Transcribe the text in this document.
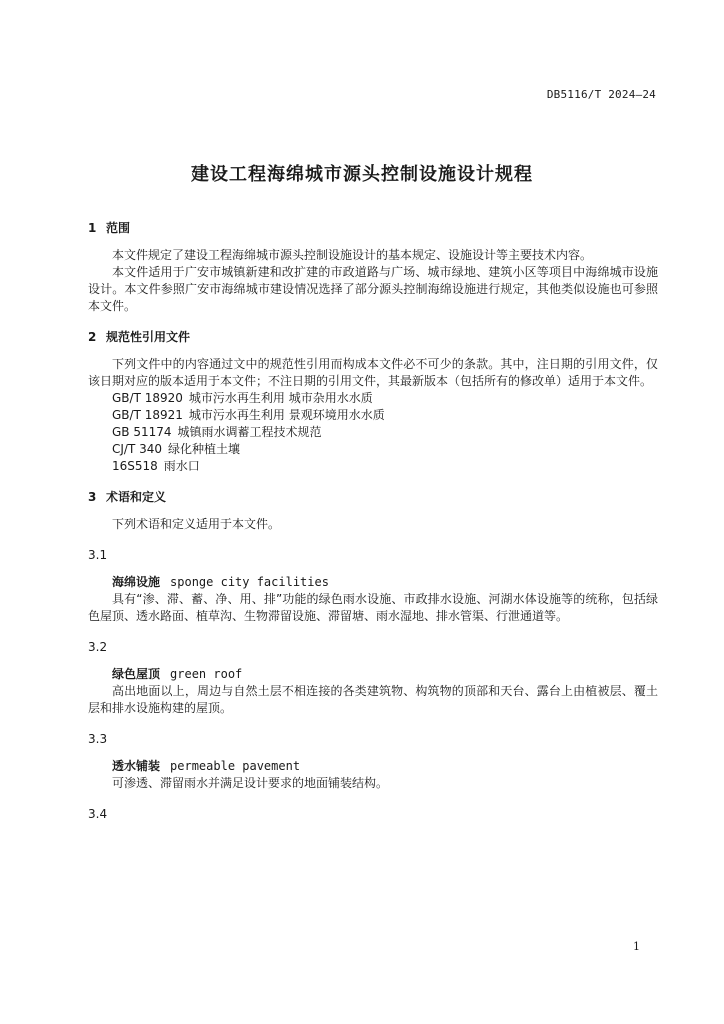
DB5116/T 2024—24
建设工程海绵城市源头控制设施设计规程
1 范围

本文件规定了建设工程海绵城市源头控制设施设计的基本规定、设施设计等主要技术内容。

本文件适用于广安市城镇新建和改扩建的市政道路与广场、城市绿地、建筑小区等项目中海绵城市设施设计。本文件参照广安市海绵城市建设情况选择了部分源头控制海绵设施进行规定，其他类似设施也可参照本文件。

2 规范性引用文件

下列文件中的内容通过文中的规范性引用而构成本文件必不可少的条款。其中，注日期的引用文件，仅该日期对应的版本适用于本文件；不注日期的引用文件，其最新版本（包括所有的修改单）适用于本文件。

GB/T 18920 城市污水再生利用 城市杂用水水质
GB/T 18921 城市污水再生利用 景观环境用水水质
GB 51174 城镇雨水调蓄工程技术规范
CJ/T 340 绿化种植土壤
16S518 雨水口
3 术语和定义

下列术语和定义适用于本文件。

3.1
海绵设施 sponge city facilities

具有“渗、滞、蓄、净、用、排”功能的绿色雨水设施、市政排水设施、河湖水体设施等的统称，包括绿色屋顶、透水路面、植草沟、生物滞留设施、滞留塘、雨水湿地、排水管渠、行泄通道等。

3.2
绿色屋顶 green roof

高出地面以上，周边与自然土层不相连接的各类建筑物、构筑物的顶部和天台、露台上由植被层、覆土层和排水设施构建的屋顶。

3.3
透水铺装 permeable pavement

可渗透、滞留雨水并满足设计要求的地面铺装结构。

3.4
1
